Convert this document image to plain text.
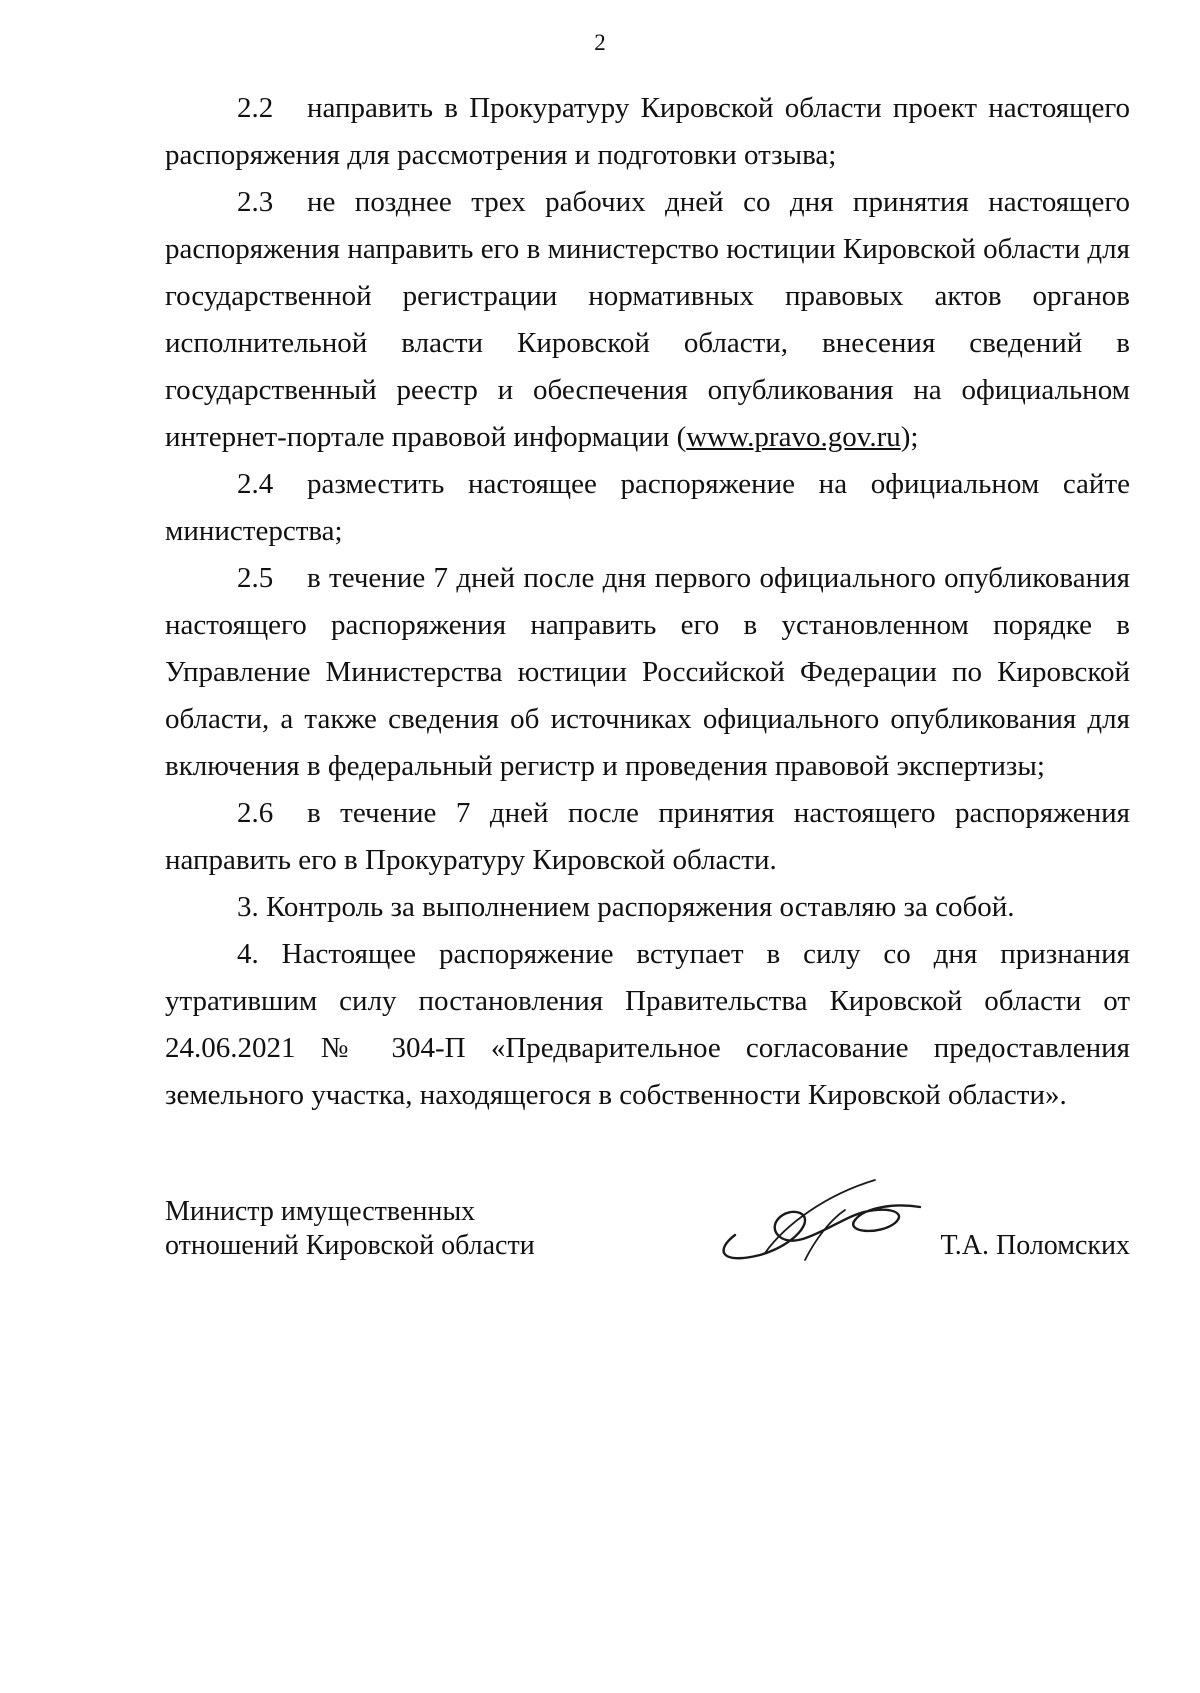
2

2.2 направить в Прокуратуру Кировской области проект настоящего распоряжения для рассмотрения и подготовки отзыва;

2.3 не позднее трех рабочих дней со дня принятия настоящего распоряжения направить его в министерство юстиции Кировской области для государственной регистрации нормативных правовых актов органов исполнительной власти Кировской области, внесения сведений в государственный реестр и обеспечения опубликования на официальном интернет-портале правовой информации (www.pravo.gov.ru);

2.4 разместить настоящее распоряжение на официальном сайте министерства;

2.5 в течение 7 дней после дня первого официального опубликования настоящего распоряжения направить его в установленном порядке в Управление Министерства юстиции Российской Федерации по Кировской области, а также сведения об источниках официального опубликования для включения в федеральный регистр и проведения правовой экспертизы;

2.6 в течение 7 дней после принятия настоящего распоряжения направить его в Прокуратуру Кировской области.

3. Контроль за выполнением распоряжения оставляю за собой.

4. Настоящее распоряжение вступает в силу со дня признания утратившим силу постановления Правительства Кировской области от 24.06.2021 № 304-П «Предварительное согласование предоставления земельного участка, находящегося в собственности Кировской области».

Министр имущественных
отношений Кировской области	Т.А. Поломских
